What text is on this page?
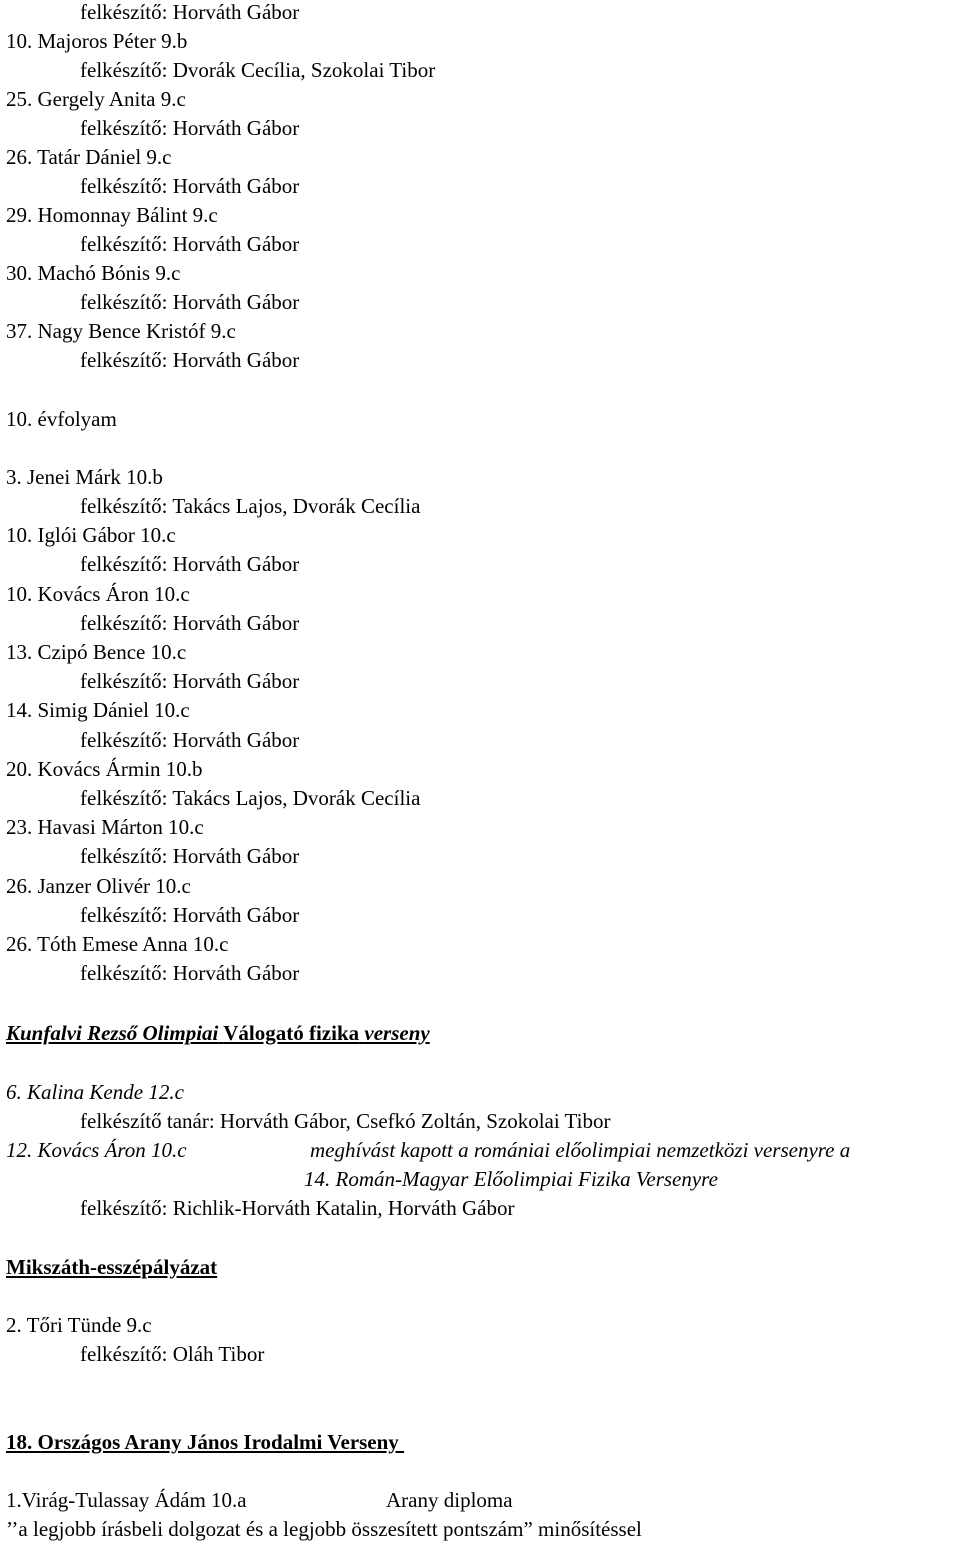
felkészítő: Horváth Gábor
10. Majoros Péter 9.b
felkészítő: Dvorák Cecília, Szokolai Tibor
25. Gergely Anita 9.c
felkészítő: Horváth Gábor
26. Tatár Dániel 9.c
felkészítő: Horváth Gábor
29. Homonnay Bálint 9.c
felkészítő: Horváth Gábor
30. Machó Bónis 9.c
felkészítő: Horváth Gábor
37. Nagy Bence Kristóf 9.c
felkészítő: Horváth Gábor
10. évfolyam
3. Jenei Márk 10.b
felkészítő: Takács Lajos, Dvorák Cecília
10. Iglói Gábor 10.c
felkészítő: Horváth Gábor
10. Kovács Áron 10.c
felkészítő: Horváth Gábor
13. Czipó Bence 10.c
felkészítő: Horváth Gábor
14. Simig Dániel 10.c
felkészítő: Horváth Gábor
20. Kovács Ármin 10.b
felkészítő: Takács Lajos, Dvorák Cecília
23. Havasi Márton 10.c
felkészítő: Horváth Gábor
26. Janzer Olivér 10.c
felkészítő: Horváth Gábor
26. Tóth Emese Anna 10.c
felkészítő: Horváth Gábor
Kunfalvi Rezső Olimpiai Válogató fizika verseny
6. Kalina Kende 12.c
felkészítő tanár: Horváth Gábor, Csefkó Zoltán, Szokolai Tibor
12. Kovács Áron 10.c	meghívást kapott a romániai előolimpiai nemzetközi versenyre a
14. Román-Magyar Előolimpiai Fizika Versenyre
felkészítő: Richlik-Horváth Katalin, Horváth Gábor
Mikszáth-esszépályázat
2. Tőri Tünde 9.c
felkészítő: Oláh Tibor
18. Országos Arany János Irodalmi Verseny
1.Virág-Tulassay Ádám 10.a	Arany diploma
’’a legjobb írásbeli dolgozat és a legjobb összesített pontszám” minősítéssel
